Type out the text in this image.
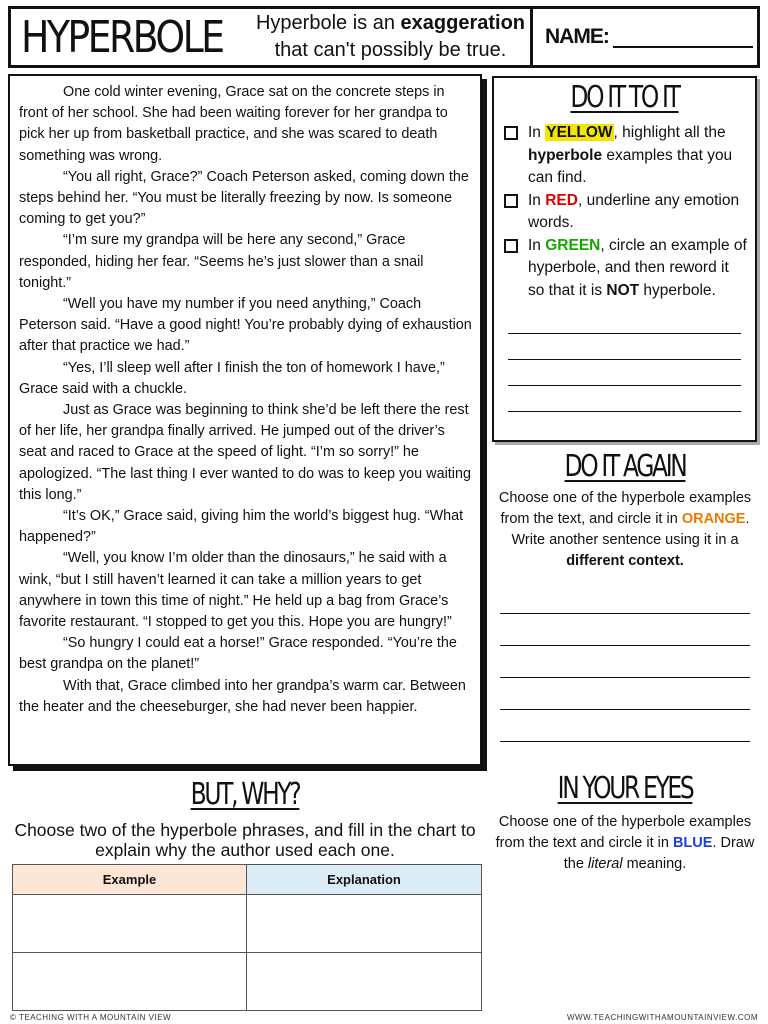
HYPERBOLE Hyperbole is an exaggeration
that can't possibly be true.
NAME:

One cold winter evening, Grace sat on the concrete steps in front of her school. She had been waiting forever for her grandpa to pick her up from basketball practice, and she was scared to death something was wrong.

“You all right, Grace?” Coach Peterson asked, coming down the steps behind her. “You must be literally freezing by now. Is someone coming to get you?”

“I’m sure my grandpa will be here any second,” Grace responded, hiding her fear. “Seems he’s just slower than a snail tonight.”

“Well you have my number if you need anything,” Coach Peterson said. “Have a good night! You’re probably dying of exhaustion after that practice we had.”

“Yes, I’ll sleep well after I finish the ton of homework I have,” Grace said with a chuckle.

Just as Grace was beginning to think she’d be left there the rest of her life, her grandpa finally arrived. He jumped out of the driver’s seat and raced to Grace at the speed of light. “I’m so sorry!” he apologized. “The last thing I ever wanted to do was to keep you waiting this long.”

“It’s OK,” Grace said, giving him the world’s biggest hug. “What happened?”

“Well, you know I’m older than the dinosaurs,” he said with a wink, “but I still haven’t learned it can take a million years to get anywhere in town this time of night.” He held up a bag from Grace’s favorite restaurant. “I stopped to get you this. Hope you are hungry!”

“So hungry I could eat a horse!” Grace responded. “You’re the best grandpa on the planet!”

With that, Grace climbed into her grandpa’s warm car. Between the heater and the cheeseburger, she had never been happier.

DO IT TO IT
In YELLOW, highlight all the hyperbole examples that you can find.
In RED, underline any emotion words.
In GREEN, circle an example of hyperbole, and then reword it so that it is NOT hyperbole.
DO IT AGAIN
Choose one of the hyperbole examples from the text, and circle it in ORANGE. Write another sentence using it in a different context.
IN YOUR EYES
Choose one of the hyperbole examples from the text and circle it in BLUE. Draw the literal meaning.
BUT, WHY?
Choose two of the hyperbole phrases, and fill in the chart to explain why the author used each one.
Example	Explanation

© TEACHING WITH A MOUNTAIN VIEW	WWW.TEACHINGWITHAMOUNTAINVIEW.COM
